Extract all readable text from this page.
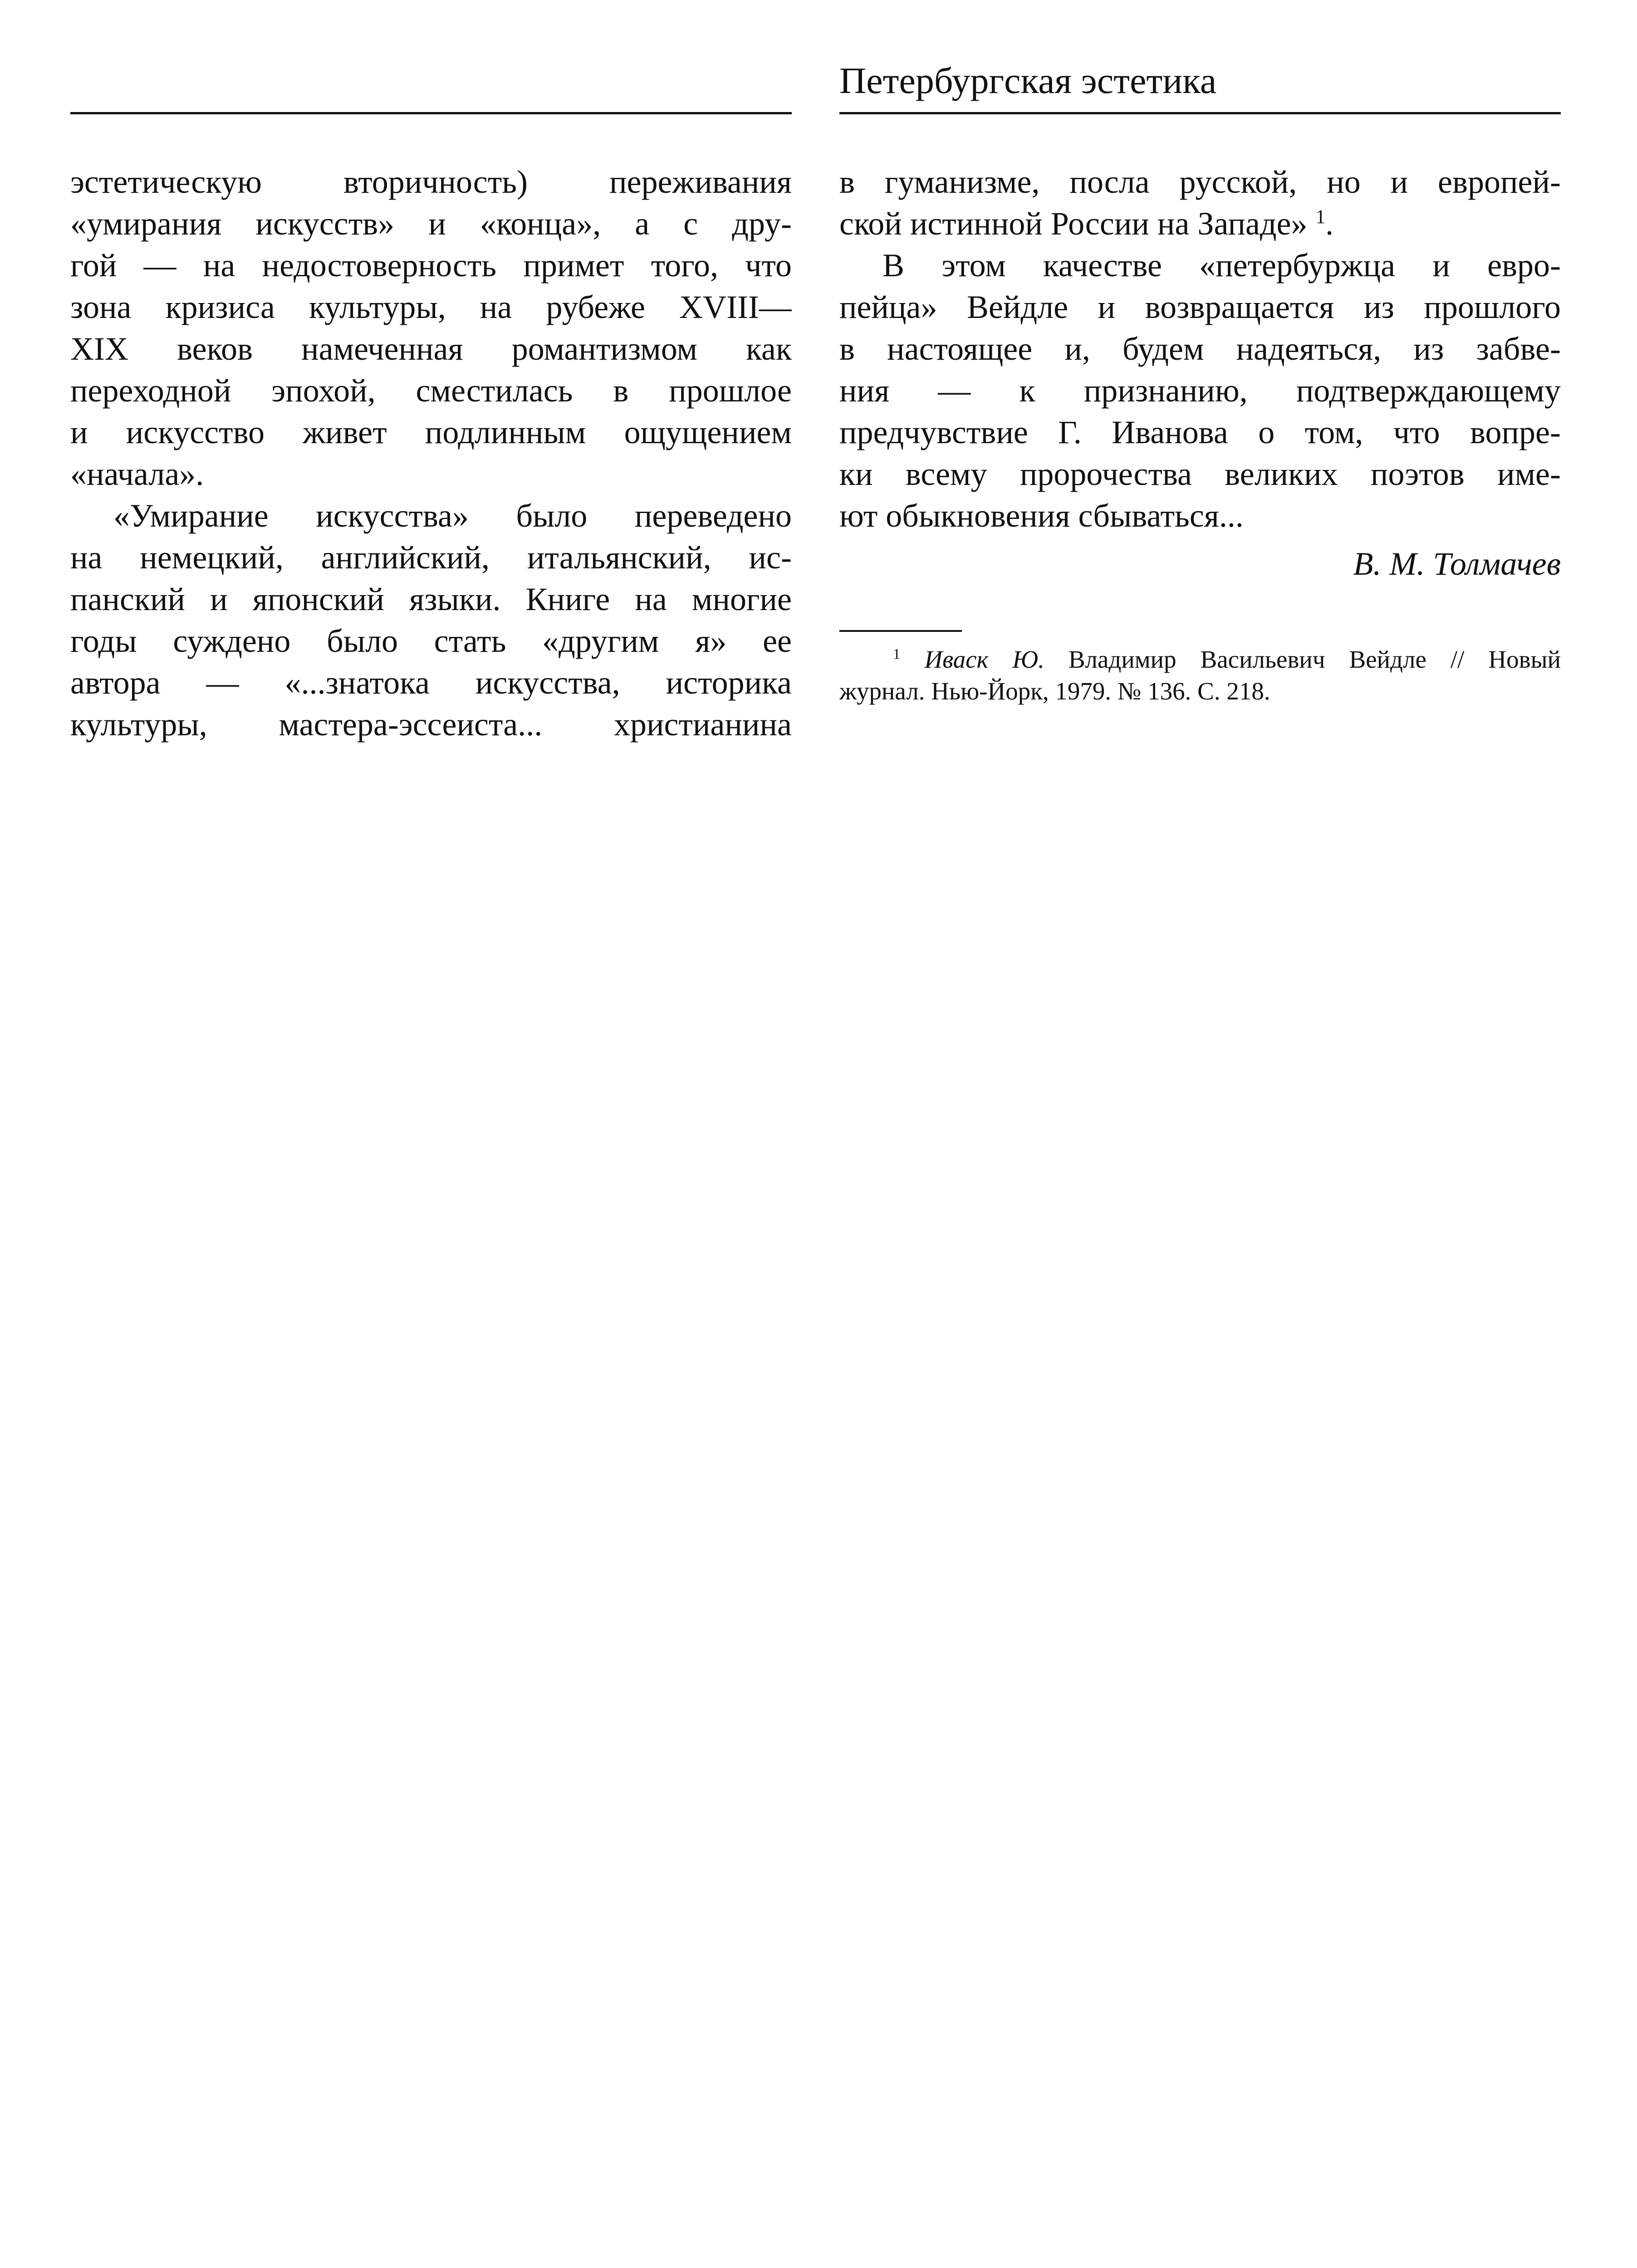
Петербургская эстетика
эстетическую вторичность) переживания
«умирания искусств» и «конца», а с дру-
гой — на недостоверность примет того, что
зона кризиса культуры, на рубеже XVIII—
XIX веков намеченная романтизмом как
переходной эпохой, сместилась в прошлое
и искусство живет подлинным ощущением
«начала».
«Умирание искусства» было переведено
на немецкий, английский, итальянский, ис-
панский и японский языки. Книге на многие
годы суждено было стать «другим я» ее
автора — «...знатока искусства, историка
культуры, мастера-эссеиста... христианина
в гуманизме, посла русской, но и европей-
ской истинной России на Западе» $^1$.
В этом качестве «петербуржца и евро-
пейца» Вейдле и возвращается из прошлого
в настоящее и, будем надеяться, из забве-
ния — к признанию, подтверждающему
предчувствие Г. Иванова о том, что вопре-
ки всему пророчества великих поэтов име-
ют обыкновения сбываться...
В. М. Толмачев
$^1$ Иваск Ю. Владимир Васильевич Вейдле // Новый
журнал. Нью-Йорк, 1979. № 136. С. 218.
